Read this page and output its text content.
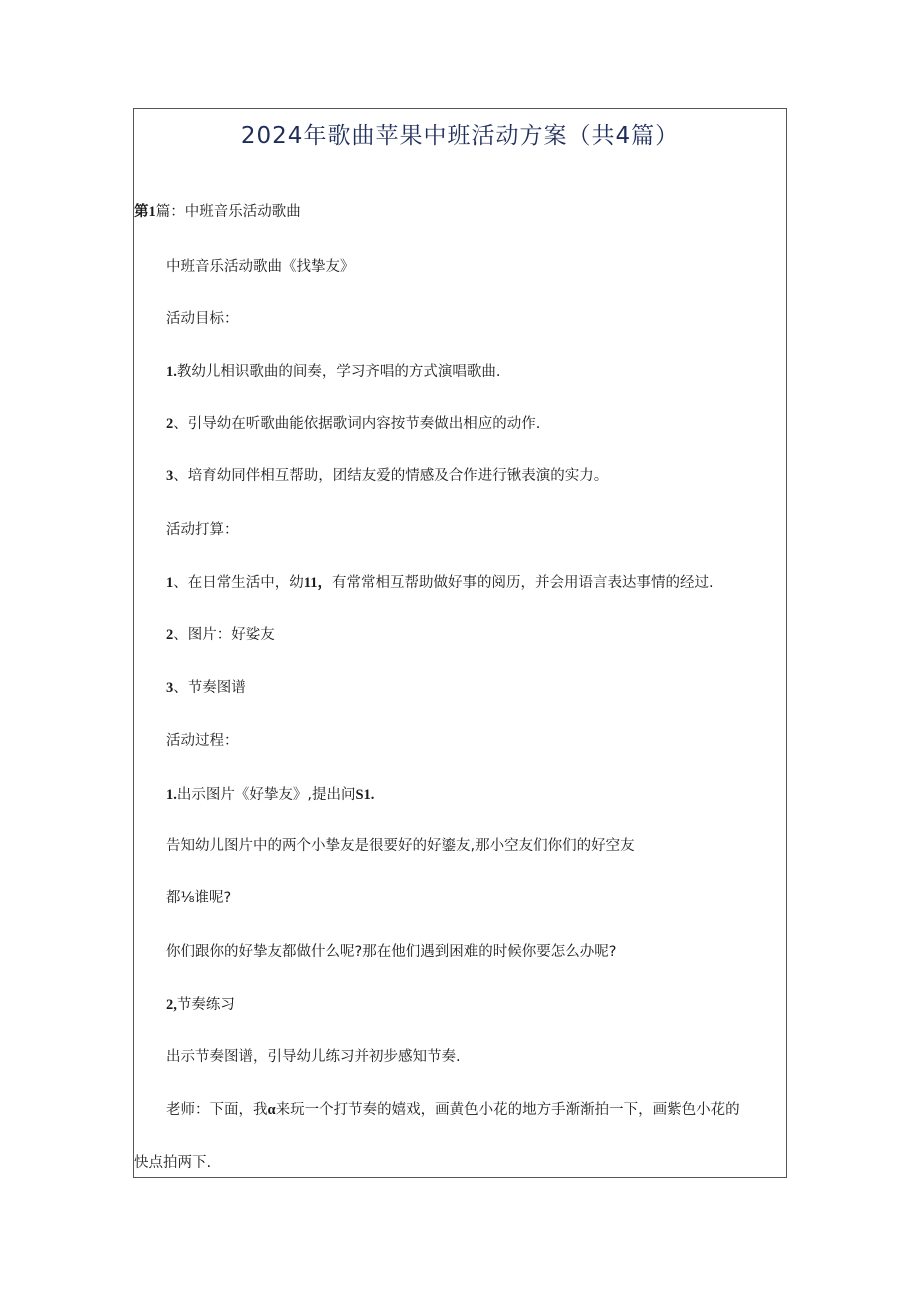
2024年歌曲苹果中班活动方案（共4篇）

第1篇：中班音乐活动歌曲

中班音乐活动歌曲《找挚友》

活动目标：

1.教幼儿相识歌曲的间奏，学习齐唱的方式演唱歌曲.

2、引导幼在听歌曲能依据歌词内容按节奏做出相应的动作.

3、培育幼同伴相互帮助，团结友爱的情感及合作进行锹表演的实力。

活动打算：

1、在日常生活中，幼11，有常常相互帮助做好事的阅历，并会用语言表达事情的经过.

2、图片：好娑友

3、节奏图谱

活动过程：

1.出示图片《好挚友》,提出问S1.

告知幼儿图片中的两个小挚友是很要好的好鎏友,那小空友们你们的好空友

都⅛谁呢?

你们跟你的好挚友都做什么呢?那在他们遇到困难的时候你要怎么办呢?

2,节奏练习

出示节奏图谱，引导幼儿练习并初步感知节奏.

老师：下面，我α来玩一个打节奏的嬉戏，画黄色小花的地方手渐渐拍一下，画紫色小花的

快点拍两下.
